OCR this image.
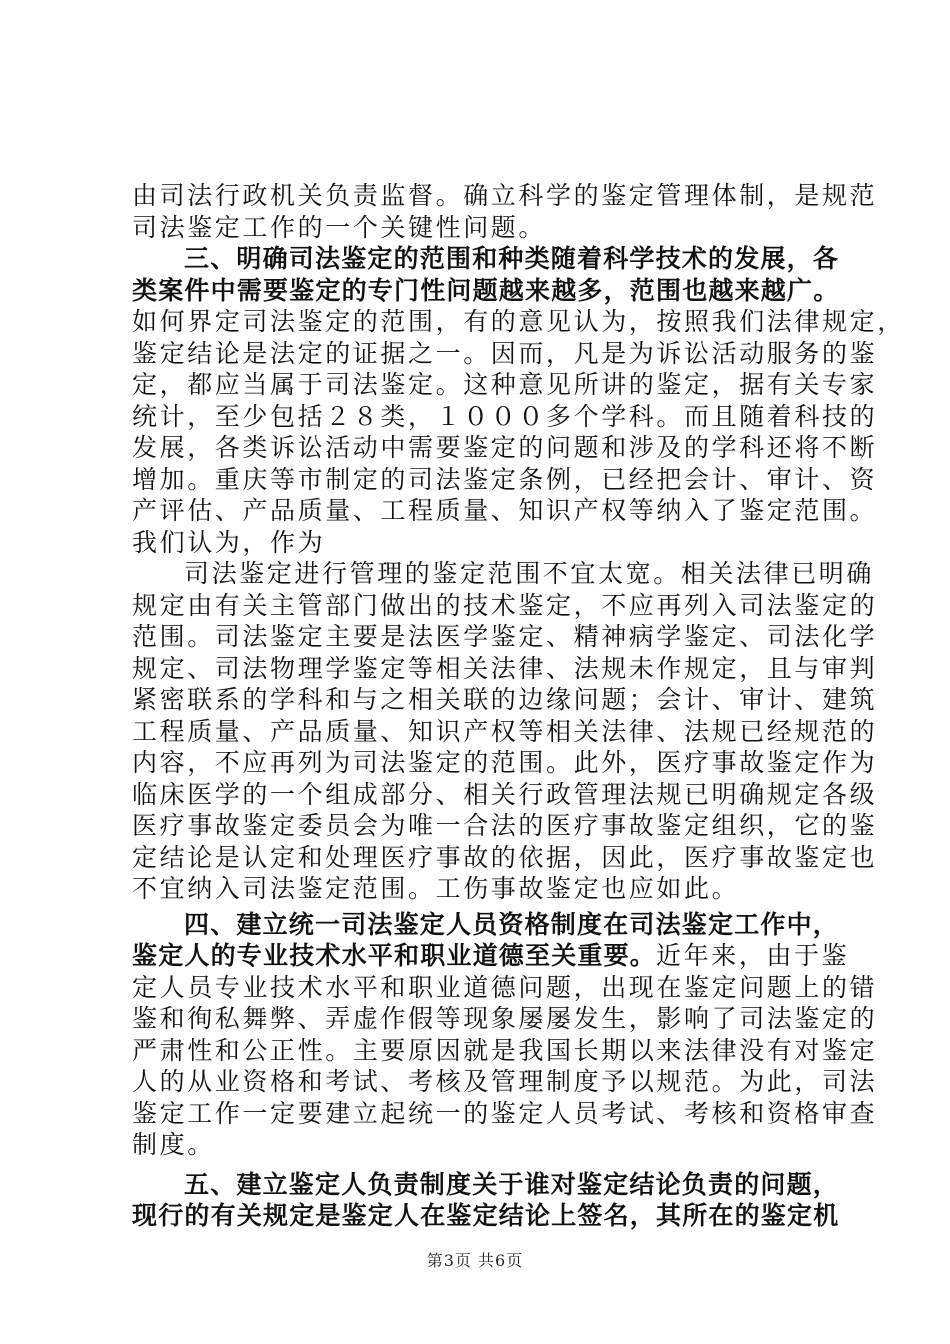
由司法行政机关负责监督。确立科学的鉴定管理体制，是规范
司法鉴定工作的一个关键性问题。
三、明确司法鉴定的范围和种类随着科学技术的发展，各
类案件中需要鉴定的专门性问题越来越多，范围也越来越广。
如何界定司法鉴定的范围，有的意见认为，按照我们法律规定，
鉴定结论是法定的证据之一。因而，凡是为诉讼活动服务的鉴
定，都应当属于司法鉴定。这种意见所讲的鉴定，据有关专家
统计，至少包括２８类，１０００多个学科。而且随着科技的
发展，各类诉讼活动中需要鉴定的问题和涉及的学科还将不断
增加。重庆等市制定的司法鉴定条例，已经把会计、审计、资
产评估、产品质量、工程质量、知识产权等纳入了鉴定范围。
我们认为，作为
司法鉴定进行管理的鉴定范围不宜太宽。相关法律已明确
规定由有关主管部门做出的技术鉴定，不应再列入司法鉴定的
范围。司法鉴定主要是法医学鉴定、精神病学鉴定、司法化学
规定、司法物理学鉴定等相关法律、法规未作规定，且与审判
紧密联系的学科和与之相关联的边缘问题；会计、审计、建筑
工程质量、产品质量、知识产权等相关法律、法规已经规范的
内容，不应再列为司法鉴定的范围。此外，医疗事故鉴定作为
临床医学的一个组成部分、相关行政管理法规已明确规定各级
医疗事故鉴定委员会为唯一合法的医疗事故鉴定组织，它的鉴
定结论是认定和处理医疗事故的依据，因此，医疗事故鉴定也
不宜纳入司法鉴定范围。工伤事故鉴定也应如此。
四、建立统一司法鉴定人员资格制度在司法鉴定工作中，
鉴定人的专业技术水平和职业道德至关重要。近年来，由于鉴
定人员专业技术水平和职业道德问题，出现在鉴定问题上的错
鉴和徇私舞弊、弄虚作假等现象屡屡发生，影响了司法鉴定的
严肃性和公正性。主要原因就是我国长期以来法律没有对鉴定
人的从业资格和考试、考核及管理制度予以规范。为此，司法
鉴定工作一定要建立起统一的鉴定人员考试、考核和资格审查
制度。
五、建立鉴定人负责制度关于谁对鉴定结论负责的问题，
现行的有关规定是鉴定人在鉴定结论上签名，其所在的鉴定机
第3页 共6页
